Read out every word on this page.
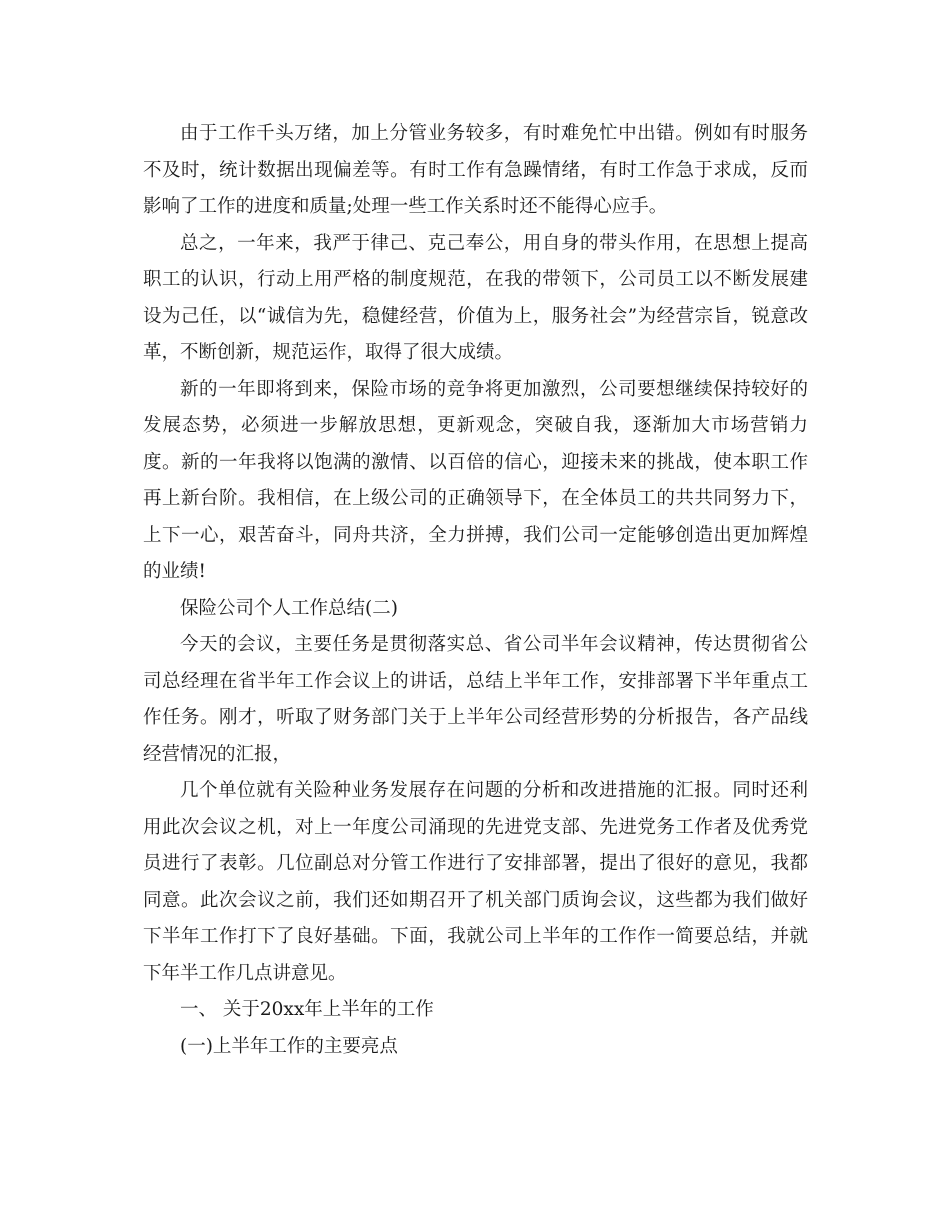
由于工作千头万绪，加上分管业务较多，有时难免忙中出错。例如有时服务不及时，统计数据出现偏差等。有时工作有急躁情绪，有时工作急于求成，反而影响了工作的进度和质量;处理一些工作关系时还不能得心应手。

总之，一年来，我严于律己、克己奉公，用自身的带头作用，在思想上提高职工的认识，行动上用严格的制度规范，在我的带领下，公司员工以不断发展建设为己任，以“诚信为先，稳健经营，价值为上，服务社会”为经营宗旨，锐意改革，不断创新，规范运作，取得了很大成绩。

新的一年即将到来，保险市场的竞争将更加激烈，公司要想继续保持较好的发展态势，必须进一步解放思想，更新观念，突破自我，逐渐加大市场营销力度。新的一年我将以饱满的激情、以百倍的信心，迎接未来的挑战，使本职工作再上新台阶。我相信，在上级公司的正确领导下，在全体员工的共共同努力下，上下一心，艰苦奋斗，同舟共济，全力拼搏，我们公司一定能够创造出更加辉煌的业绩!

保险公司个人工作总结(二)

今天的会议，主要任务是贯彻落实总、省公司半年会议精神，传达贯彻省公司总经理在省半年工作会议上的讲话，总结上半年工作，安排部署下半年重点工作任务。刚才，听取了财务部门关于上半年公司经营形势的分析报告，各产品线经营情况的汇报，

几个单位就有关险种业务发展存在问题的分析和改进措施的汇报。同时还利用此次会议之机，对上一年度公司涌现的先进党支部、先进党务工作者及优秀党员进行了表彰。几位副总对分管工作进行了安排部署，提出了很好的意见，我都同意。此次会议之前，我们还如期召开了机关部门质询会议，这些都为我们做好下半年工作打下了良好基础。下面，我就公司上半年的工作作一简要总结，并就下年半工作几点讲意见。

一、 关于20xx年上半年的工作

(一)上半年工作的主要亮点
